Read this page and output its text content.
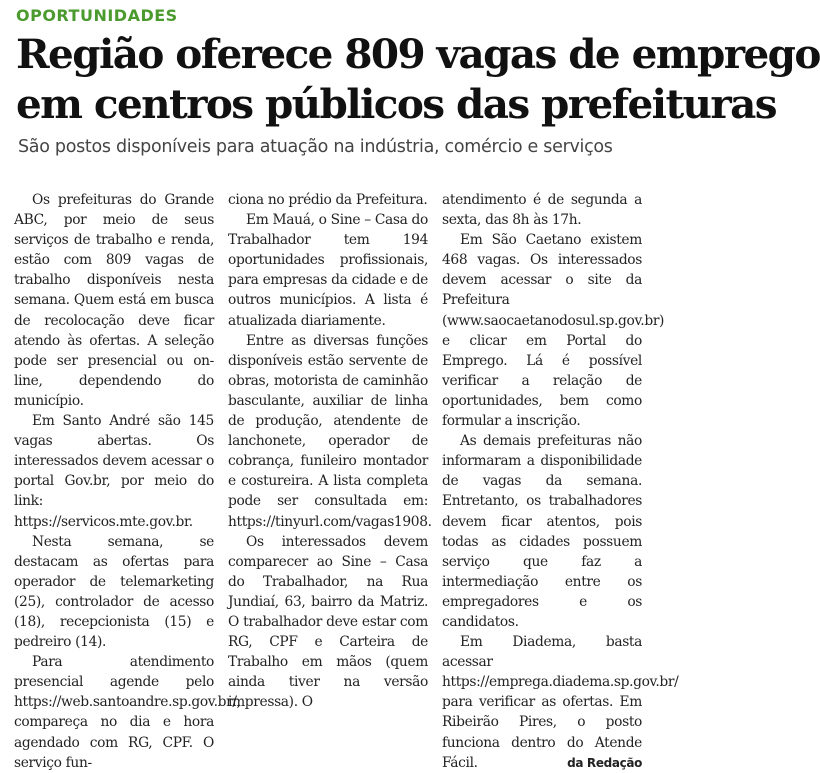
OPORTUNIDADES
Região oferece 809 vagas de emprego
em centros públicos das prefeituras
São postos disponíveis para atuação na indústria, comércio e serviços

Os prefeituras do Grande ABC, por meio de seus serviços de trabalho e renda, estão com 809 vagas de trabalho disponíveis nesta semana. Quem está em busca de recolocação deve ficar atendo às ofertas. A seleção pode ser presencial ou on-line, dependendo do município.

Em Santo André são 145 vagas abertas. Os interessados devem acessar o portal Gov.br, por meio do link: https://servicos.mte.gov.br.

Nesta semana, se destacam as ofertas para operador de telemarketing (25), controlador de acesso (18), recepcionista (15) e pedreiro (14).

Para atendimento presencial agende pelo https://web.santoandre.sp.gov.br/, compareça no dia e hora agendado com RG, CPF. O serviço fun-

ciona no prédio da Prefeitura.

Em Mauá, o Sine – Casa do Trabalhador tem 194 oportunidades profissionais, para empresas da cidade e de outros municípios. A lista é atualizada diariamente.

Entre as diversas funções disponíveis estão servente de obras, motorista de caminhão basculante, auxiliar de linha de produção, atendente de lanchonete, operador de cobrança, funileiro montador e costureira. A lista completa pode ser consultada em: https://tinyurl.com/vagas1908.

Os interessados devem comparecer ao Sine – Casa do Trabalhador, na Rua Jundiaí, 63, bairro da Matriz. O trabalhador deve estar com RG, CPF e Carteira de Trabalho em mãos (quem ainda tiver na versão impressa). O

atendimento é de segunda a sexta, das 8h às 17h.

Em São Caetano existem 468 vagas. Os interessados devem acessar o site da Prefeitura (www.saocaetanodosul.sp.gov.br) e clicar em Portal do Emprego. Lá é possível verificar a relação de oportunidades, bem como formular a inscrição.

As demais prefeituras não informaram a disponibilidade de vagas da semana. Entretanto, os trabalhadores devem ficar atentos, pois todas as cidades possuem serviço que faz a intermediação entre os empregadores e os candidatos.

Em Diadema, basta acessar https://emprega.diadema.sp.gov.br/ para verificar as ofertas. Em Ribeirão Pires, o posto funciona dentro do Atende Fácil.	da Redação
